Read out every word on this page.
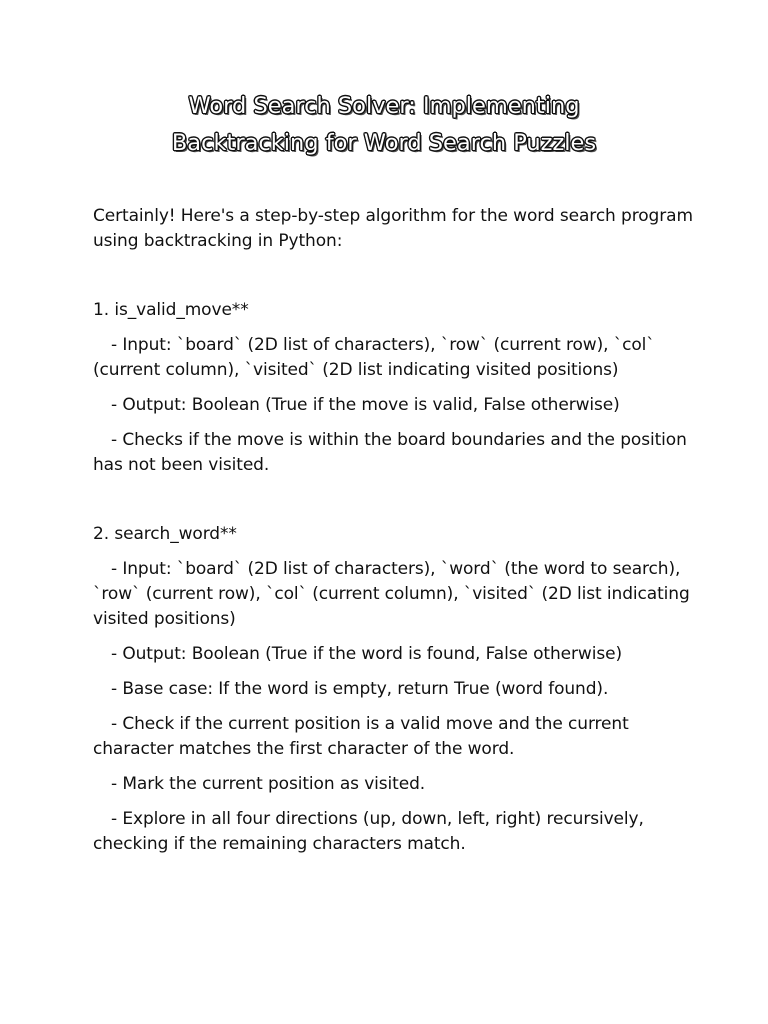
Word Search Solver: Implementing
Backtracking for Word Search Puzzles

Certainly! Here's a step-by-step algorithm for the word search program using backtracking in Python:

1. is_valid_move**

- Input: `board` (2D list of characters), `row` (current row), `col` (current column), `visited` (2D list indicating visited positions)

- Output: Boolean (True if the move is valid, False otherwise)

- Checks if the move is within the board boundaries and the position has not been visited.

2. search_word**

- Input: `board` (2D list of characters), `word` (the word to search), `row` (current row), `col` (current column), `visited` (2D list indicating visited positions)

- Output: Boolean (True if the word is found, False otherwise)

- Base case: If the word is empty, return True (word found).

- Check if the current position is a valid move and the current character matches the first character of the word.

- Mark the current position as visited.

- Explore in all four directions (up, down, left, right) recursively, checking if the remaining characters match.
